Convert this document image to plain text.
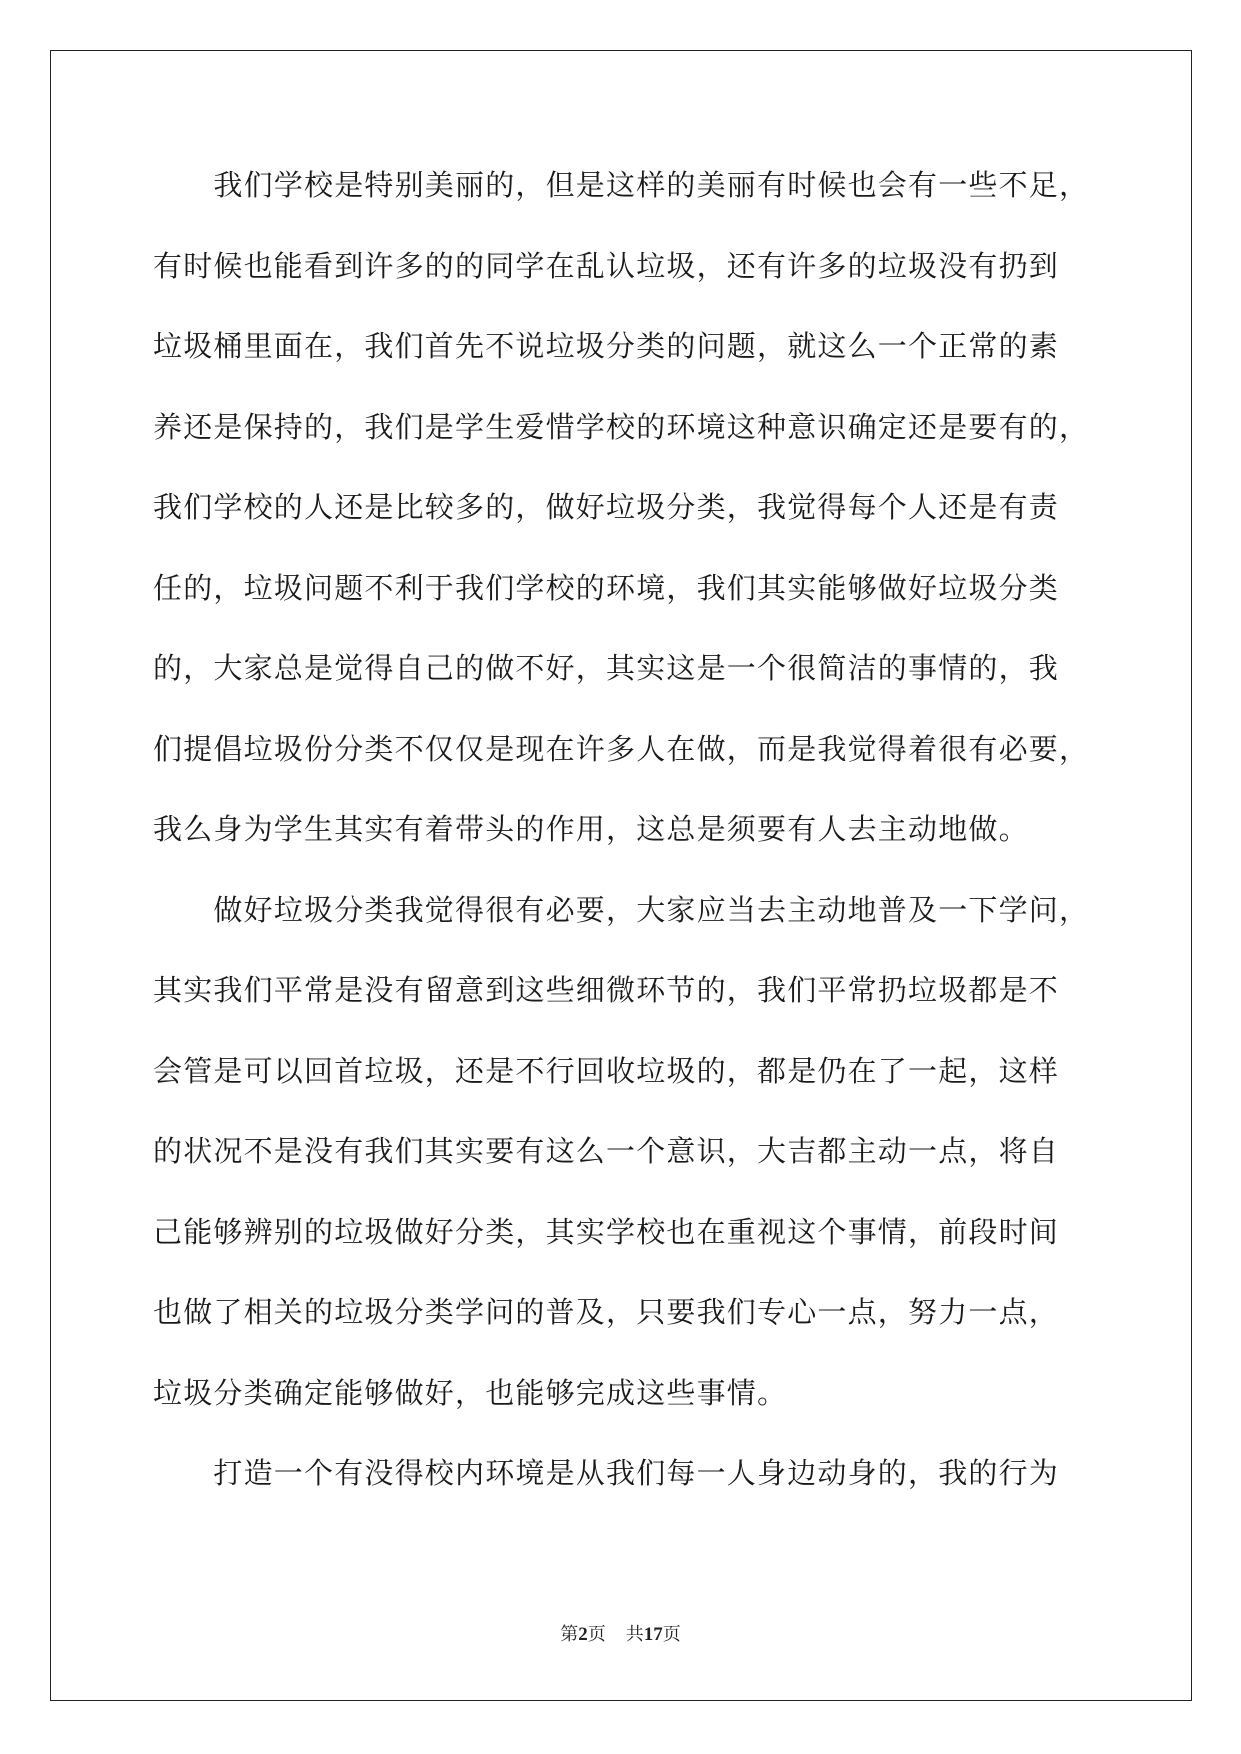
　　我们学校是特别美丽的，但是这样的美丽有时候也会有一些不足，
有时候也能看到许多的的同学在乱认垃圾，还有许多的垃圾没有扔到
垃圾桶里面在，我们首先不说垃圾分类的问题，就这么一个正常的素
养还是保持的，我们是学生爱惜学校的环境这种意识确定还是要有的，
我们学校的人还是比较多的，做好垃圾分类，我觉得每个人还是有责
任的，垃圾问题不利于我们学校的环境，我们其实能够做好垃圾分类
的，大家总是觉得自己的做不好，其实这是一个很简洁的事情的，我
们提倡垃圾份分类不仅仅是现在许多人在做，而是我觉得着很有必要，
我么身为学生其实有着带头的作用，这总是须要有人去主动地做。
　　做好垃圾分类我觉得很有必要，大家应当去主动地普及一下学问，
其实我们平常是没有留意到这些细微环节的，我们平常扔垃圾都是不
会管是可以回首垃圾，还是不行回收垃圾的，都是仍在了一起，这样
的状况不是没有我们其实要有这么一个意识，大吉都主动一点，将自
己能够辨别的垃圾做好分类，其实学校也在重视这个事情，前段时间
也做了相关的垃圾分类学问的普及，只要我们专心一点，努力一点，
垃圾分类确定能够做好，也能够完成这些事情。
　　打造一个有没得校内环境是从我们每一人身边动身的，我的行为
第2页 共17页
